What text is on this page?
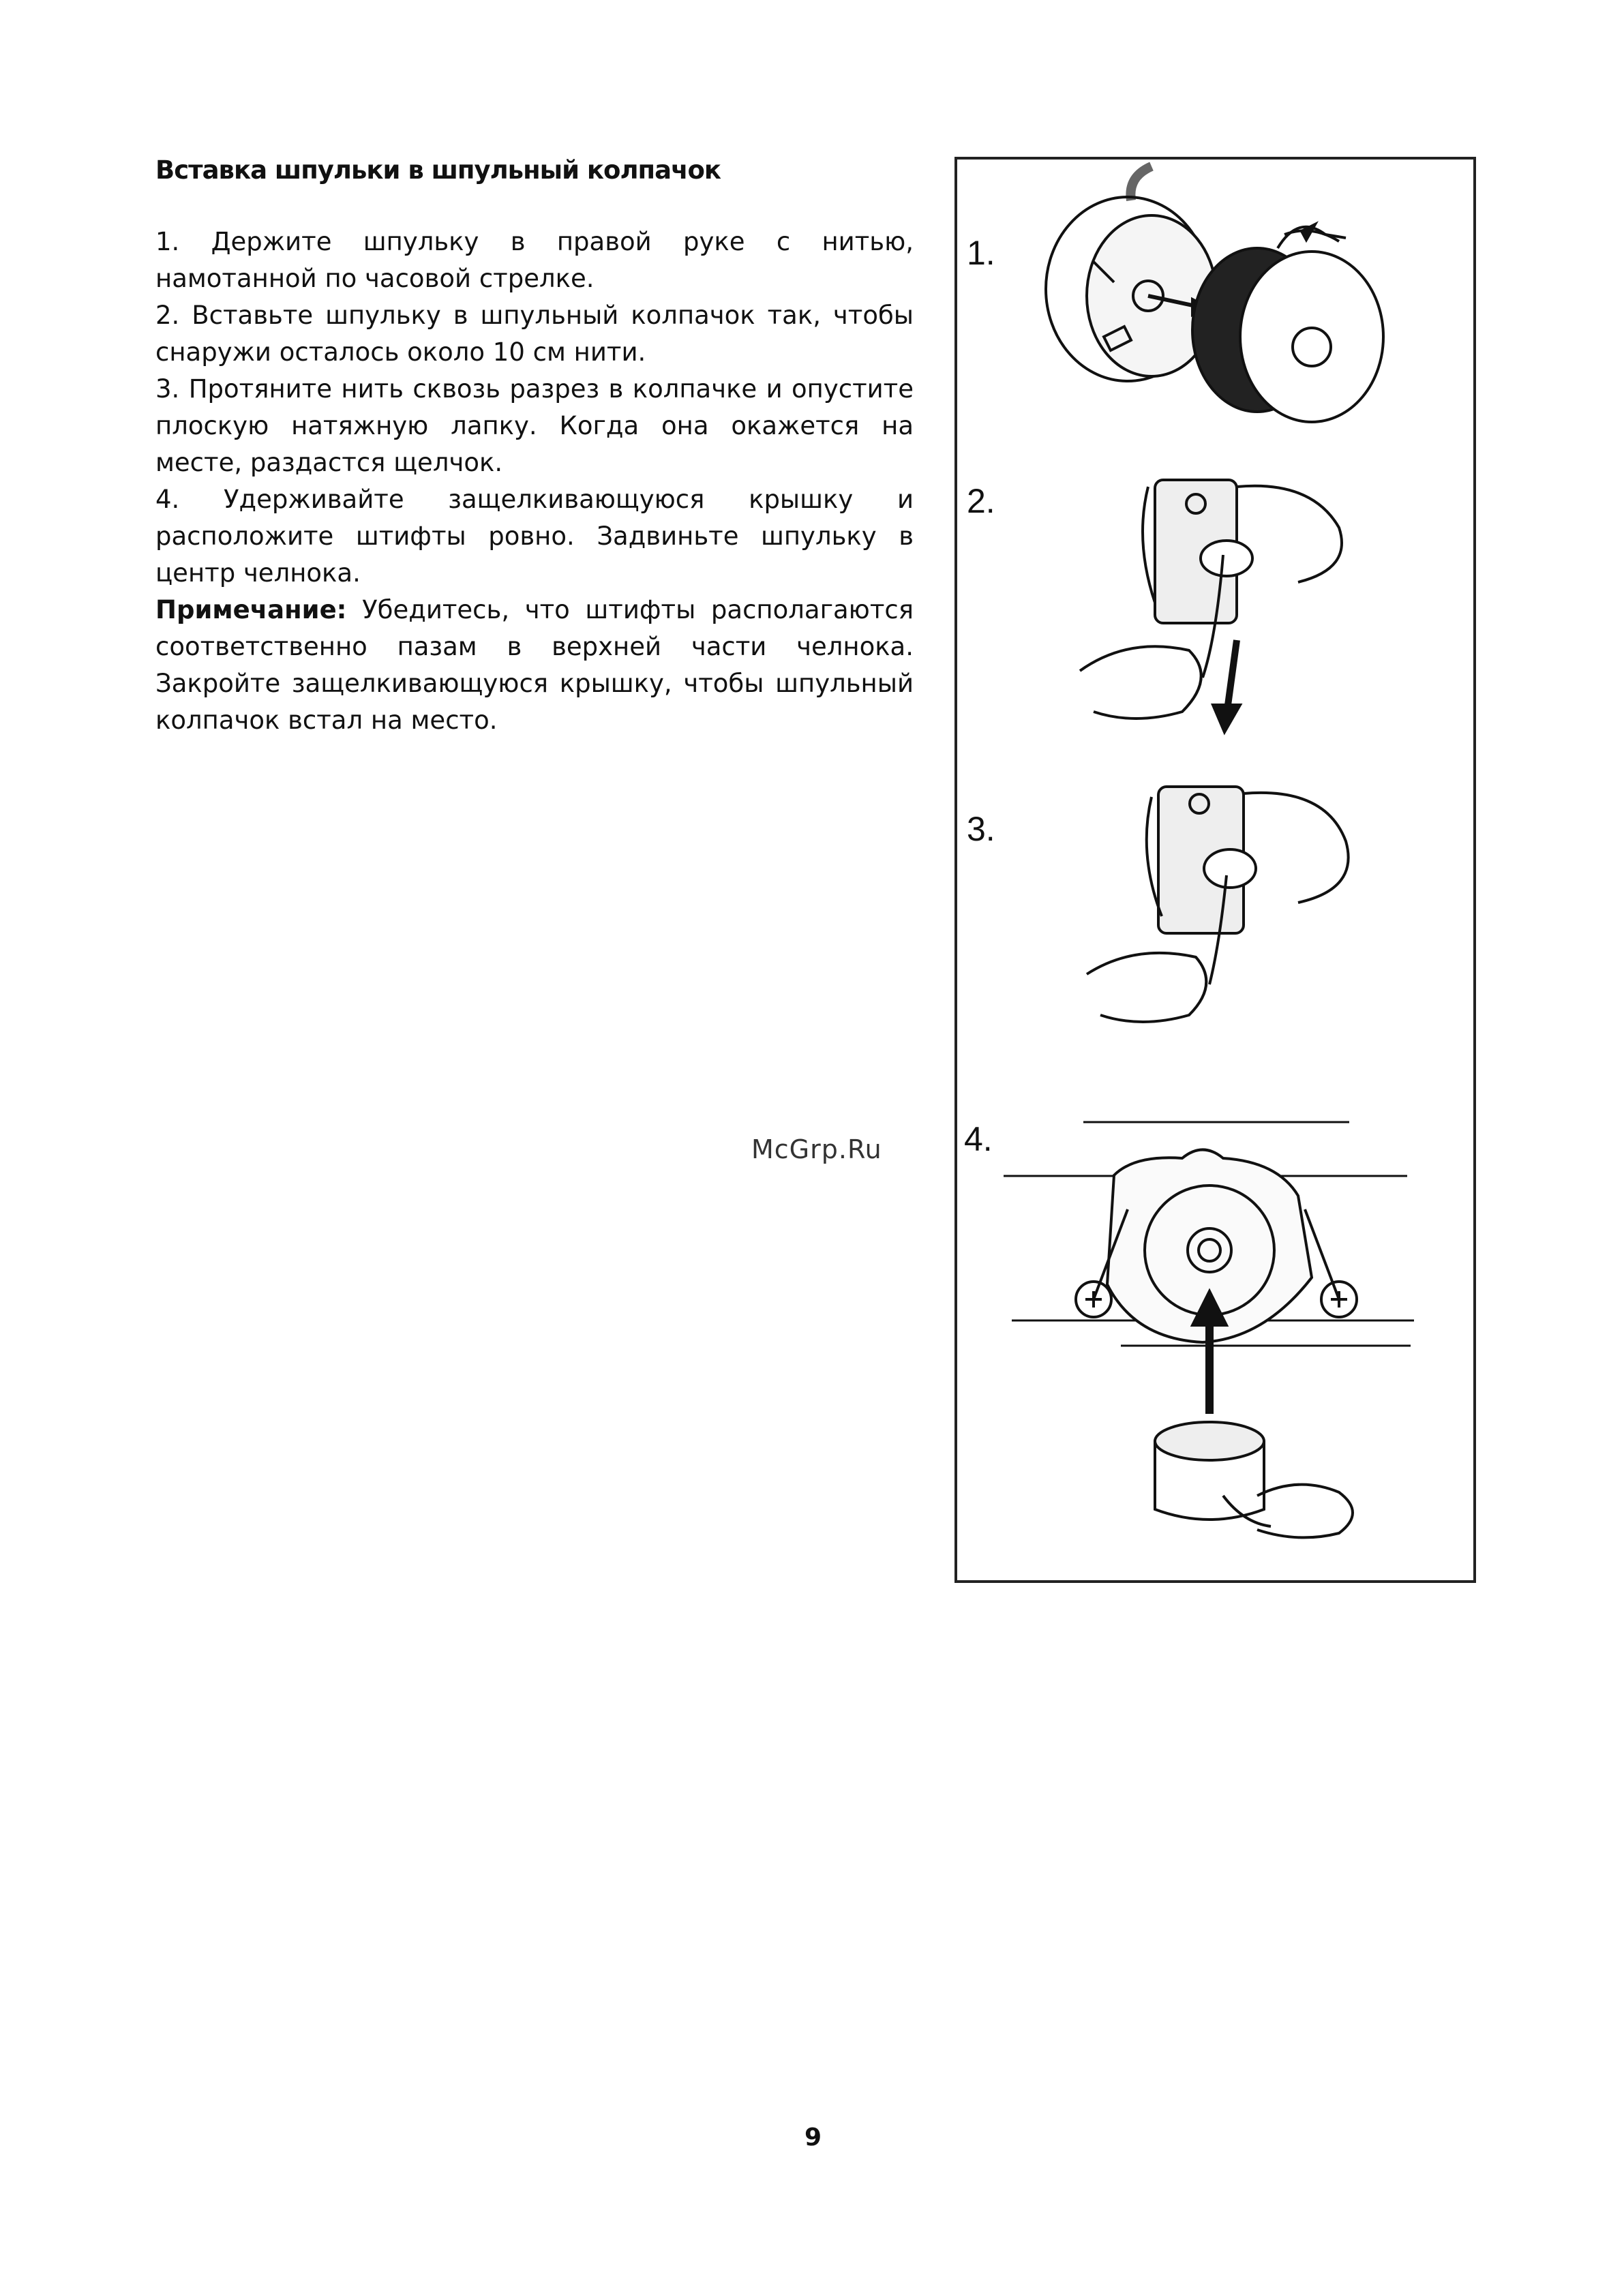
Вставка шпульки в шпульный колпачок

1. Держите шпульку в правой руке с нитью, намотанной по часовой стрелке.

2. Вставьте шпульку в шпульный колпачок так, чтобы снаружи осталось около 10 см нити.

3. Протяните нить сквозь разрез в колпачке и опустите плоскую натяжную лапку. Когда она окажется на месте, раздастся щелчок.

4. Удерживайте защелкивающуюся крышку и расположите штифты ровно. Задвиньте шпульку в центр челнока.

Примечание: Убедитесь, что штифты располагаются соответственно пазам в верхней части челнока. Закройте защелкивающуюся крышку, чтобы шпульный колпачок встал на место.

McGrp.Ru
1.
2.
3.
4.
9
